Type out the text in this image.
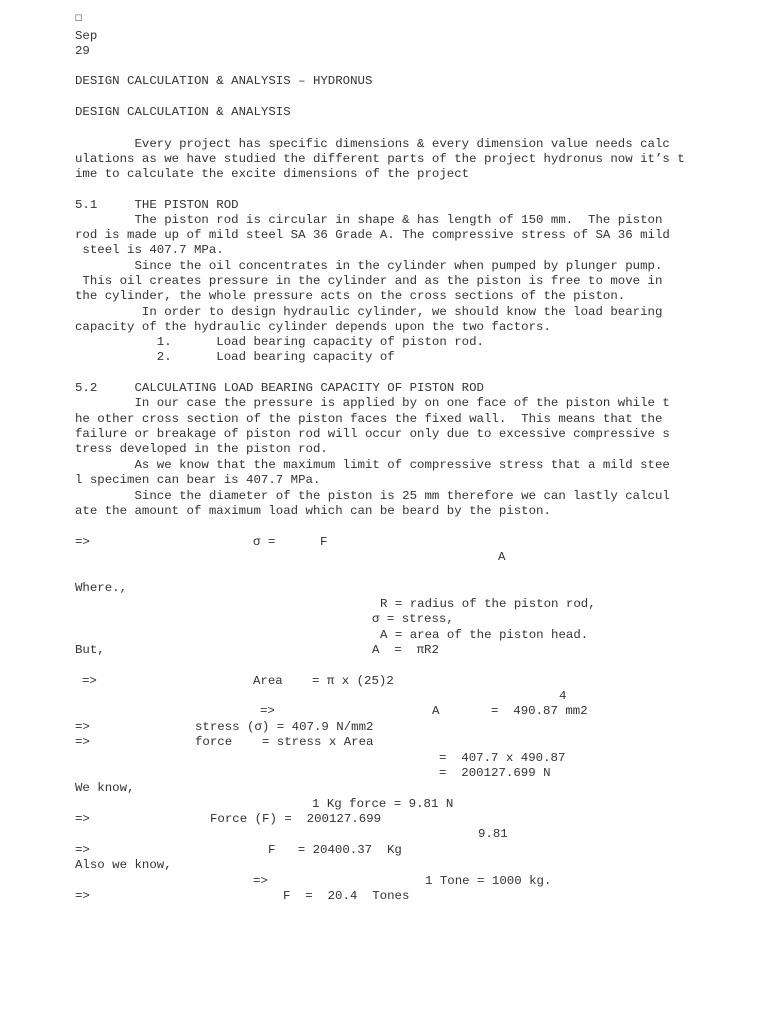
☐
Sep
29
DESIGN CALCULATION & ANALYSIS – HYDRONUS
DESIGN CALCULATION & ANALYSIS
Every project has specific dimensions & every dimension value needs calc
ulations as we have studied the different parts of the project hydronus now it’s t
ime to calculate the excite dimensions of the project
5.1     THE PISTON ROD
The piston rod is circular in shape & has length of 150 mm.  The piston
rod is made up of mild steel SA 36 Grade A. The compressive stress of SA 36 mild
steel is 407.7 MPa.
Since the oil concentrates in the cylinder when pumped by plunger pump.
This oil creates pressure in the cylinder and as the piston is free to move in
the cylinder, the whole pressure acts on the cross sections of the piston.
In order to design hydraulic cylinder, we should know the load bearing
capacity of the hydraulic cylinder depends upon the two factors.
1.      Load bearing capacity of piston rod.
2.      Load bearing capacity of
5.2     CALCULATING LOAD BEARING CAPACITY OF PISTON ROD
In our case the pressure is applied by on one face of the piston while t
he other cross section of the piston faces the fixed wall.  This means that the
failure or breakage of piston rod will occur only due to excessive compressive s
tress developed in the piston rod.
As we know that the maximum limit of compressive stress that a mild stee
l specimen can bear is 407.7 MPa.
Since the diameter of the piston is 25 mm therefore we can lastly calcul
ate the amount of maximum load which can be beard by the piston.
=>	σ =	F
A
Where.,
R = radius of the piston rod,
σ = stress,
A = area of the piston head.
But,	A  =  πR2
=>	Area = π x (25)2
4
=>	A	=  490.87 mm2
=>	stress (σ) = 407.9 N/mm2
=>	force    = stress x Area
=  407.7 x 490.87
=  200127.699 N
We know,
1 Kg force = 9.81 N
=>	Force (F) =  200127.699
9.81
=>	F   = 20400.37  Kg
Also we know,
=>	1 Tone = 1000 kg.
=>	F  =  20.4  Tones
